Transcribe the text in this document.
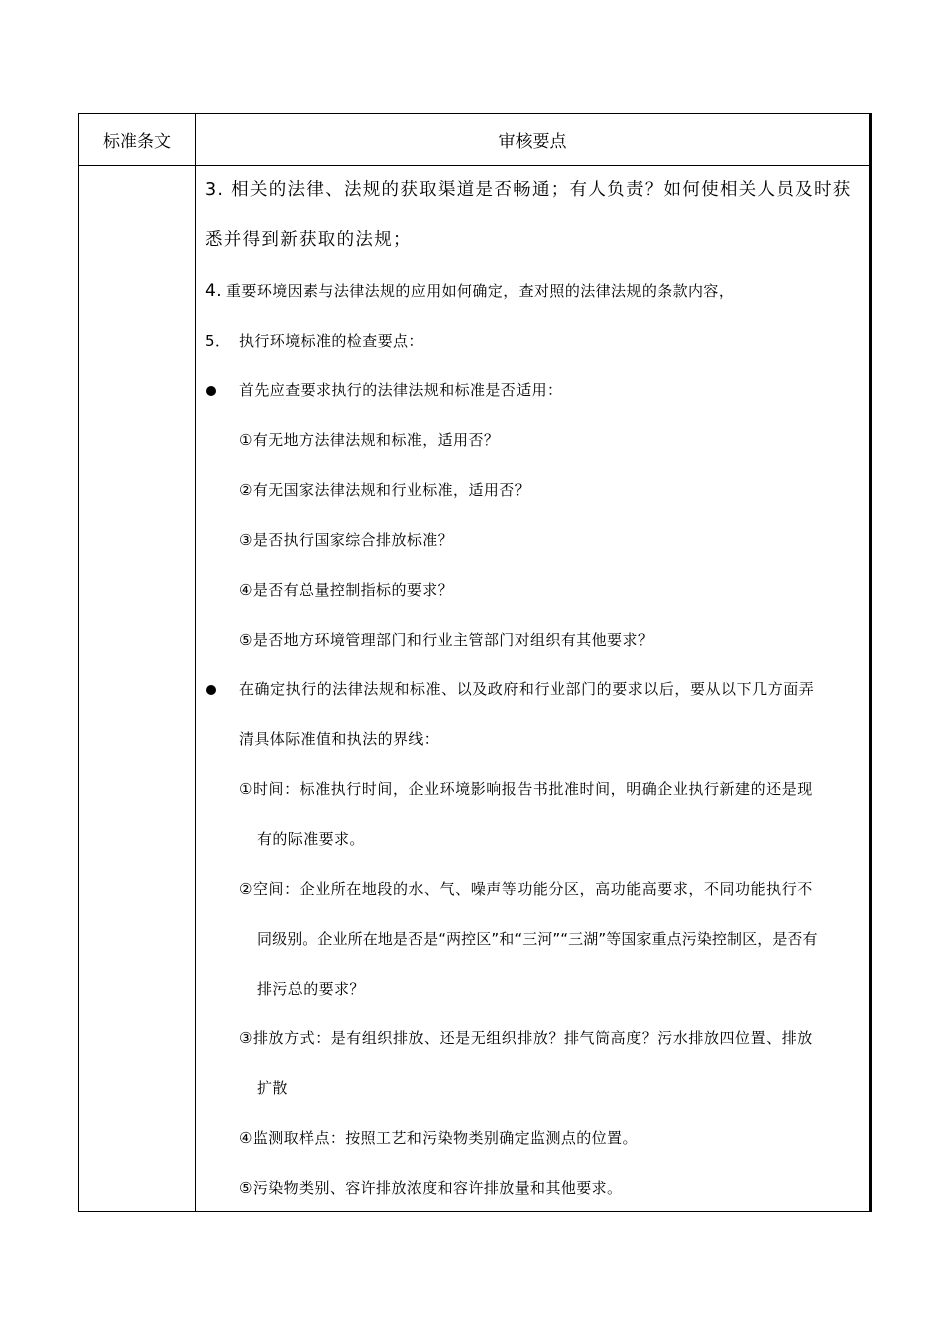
标准条文	审核要点
3. 相关的法律、法规的获取渠道是否畅通；有人负责？如何使相关人员及时获
悉并得到新获取的法规；
4. 重要环境因素与法律法规的应用如何确定，查对照的法律法规的条款内容，
5． 执行环境标准的检查要点：
首先应查要求执行的法律法规和标准是否适用：
①有无地方法律法规和标准，适用否？
②有无国家法律法规和行业标准，适用否？
③是否执行国家综合排放标准？
④是否有总量控制指标的要求？
⑤是否地方环境管理部门和行业主管部门对组织有其他要求？
在确定执行的法律法规和标准、以及政府和行业部门的要求以后，要从以下几方面弄
清具体际准值和执法的界线：
①时间：标准执行时间，企业环境影响报告书批准时间，明确企业执行新建的还是现
有的际准要求。
②空间：企业所在地段的水、气、噪声等功能分区，高功能高要求，不同功能执行不
同级别。企业所在地是否是“两控区”和“三河”“三湖”等国家重点污染控制区，是否有
排污总的要求？
③排放方式：是有组织排放、还是无组织排放？排气筒高度？污水排放四位置、排放
扩散
④监测取样点：按照工艺和污染物类别确定监测点的位置。
⑤污染物类别、容许排放浓度和容许排放量和其他要求。
